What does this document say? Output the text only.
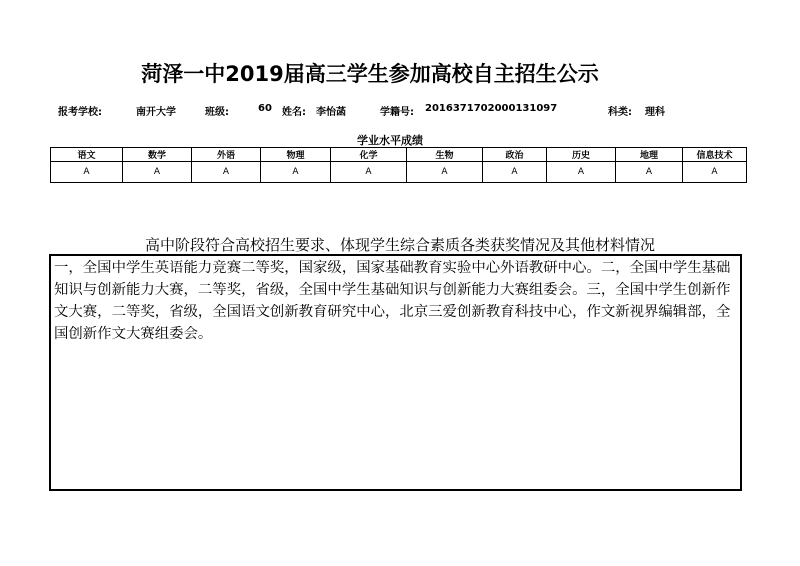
菏泽一中2019届高三学生参加高校自主招生公示
报考学校:	南开大学	班级:	60 姓名: 李怡菡	学籍号: 2016371702000131097	科类: 理科
学业水平成绩
语文	数学	外语	物理	化学	生物	政治	历史	地理	信息技术
A	A	A	A	A	A	A	A	A	A
高中阶段符合高校招生要求、体现学生综合素质各类获奖情况及其他材料情况

一，全国中学生英语能力竞赛二等奖，国家级，国家基础教育实验中心外语教研中心。二，全国中学生基础知识与创新能力大赛，二等奖，省级，全国中学生基础知识与创新能力大赛组委会。三，全国中学生创新作文大赛，二等奖，省级，全国语文创新教育研究中心，北京三爱创新教育科技中心，作文新视界编辑部，全国创新作文大赛组委会。
